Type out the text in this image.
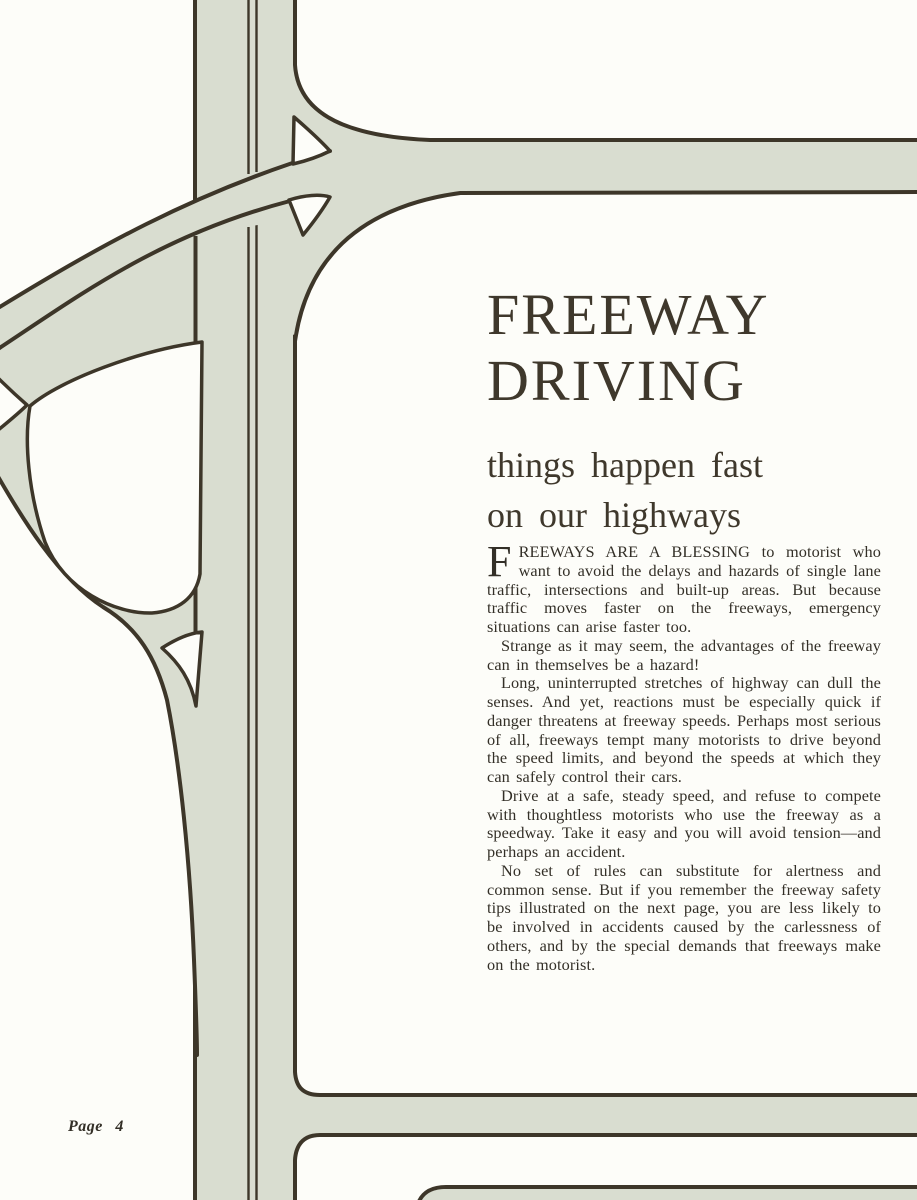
FREEWAY
DRIVING
things happen fast
on our highways

FREEWAYS ARE A BLESSING to motorist who want to avoid the delays and hazards of single lane traffic, intersections and built-up areas. But because traffic moves faster on the freeways, emergency situations can arise faster too.

Strange as it may seem, the advantages of the freeway can in themselves be a hazard!

Long, uninterrupted stretches of highway can dull the senses. And yet, reactions must be especially quick if danger threatens at freeway speeds. Perhaps most serious of all, freeways tempt many motorists to drive beyond the speed limits, and beyond the speeds at which they can safely control their cars.

Drive at a safe, steady speed, and refuse to compete with thoughtless motorists who use the freeway as a speedway. Take it easy and you will avoid tension—and perhaps an accident.

No set of rules can substitute for alertness and common sense. But if you remember the freeway safety tips illustrated on the next page, you are less likely to be involved in accidents caused by the carlessness of others, and by the special demands that freeways make on the motorist.

Page 4
